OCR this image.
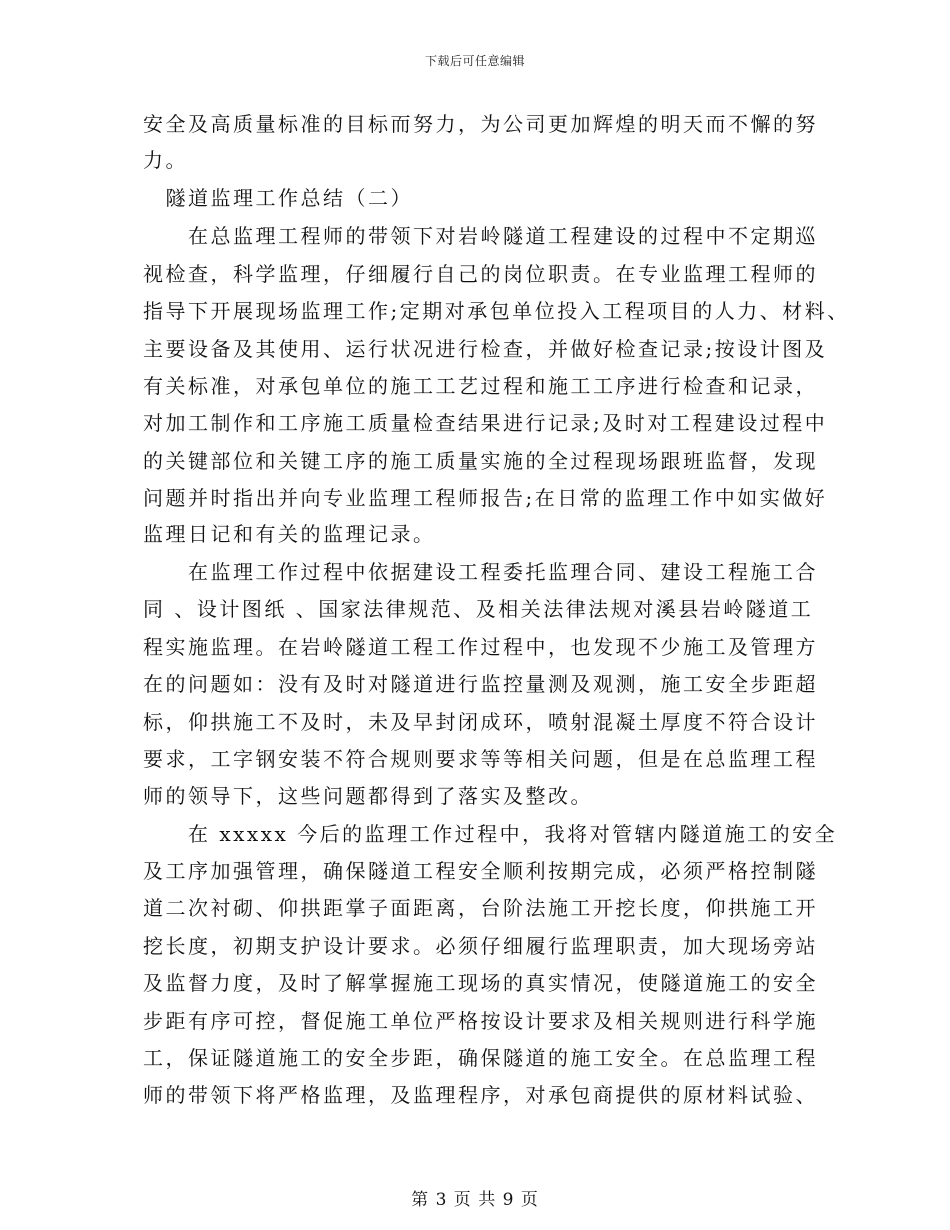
下载后可任意编辑
安全及高质量标准的目标而努力，为公司更加辉煌的明天而不懈的努
力。
　隧道监理工作总结（二）
　　在总监理工程师的带领下对岩岭隧道工程建设的过程中不定期巡
视检查，科学监理，仔细履行自己的岗位职责。在专业监理工程师的
指导下开展现场监理工作;定期对承包单位投入工程项目的人力、材料、
主要设备及其使用、运行状况进行检查，并做好检查记录;按设计图及
有关标准，对承包单位的施工工艺过程和施工工序进行检查和记录，
对加工制作和工序施工质量检查结果进行记录;及时对工程建设过程中
的关键部位和关键工序的施工质量实施的全过程现场跟班监督，发现
问题并时指出并向专业监理工程师报告;在日常的监理工作中如实做好
监理日记和有关的监理记录。
　　在监理工作过程中依据建设工程委托监理合同、建设工程施工合
同 、设计图纸 、国家法律规范、及相关法律法规对溪县岩岭隧道工
程实施监理。在岩岭隧道工程工作过程中，也发现不少施工及管理方
在的问题如：没有及时对隧道进行监控量测及观测，施工安全步距超
标，仰拱施工不及时，未及早封闭成环，喷射混凝土厚度不符合设计
要求，工字钢安装不符合规则要求等等相关问题，但是在总监理工程
师的领导下，这些问题都得到了落实及整改。
　　在 xxxxx 今后的监理工作过程中，我将对管辖内隧道施工的安全
及工序加强管理，确保隧道工程安全顺利按期完成，必须严格控制隧
道二次衬砌、仰拱距掌子面距离，台阶法施工开挖长度，仰拱施工开
挖长度，初期支护设计要求。必须仔细履行监理职责，加大现场旁站
及监督力度，及时了解掌握施工现场的真实情况，使隧道施工的安全
步距有序可控，督促施工单位严格按设计要求及相关规则进行科学施
工，保证隧道施工的安全步距，确保隧道的施工安全。在总监理工程
师的带领下将严格监理，及监理程序，对承包商提供的原材料试验、
第 3 页 共 9 页
